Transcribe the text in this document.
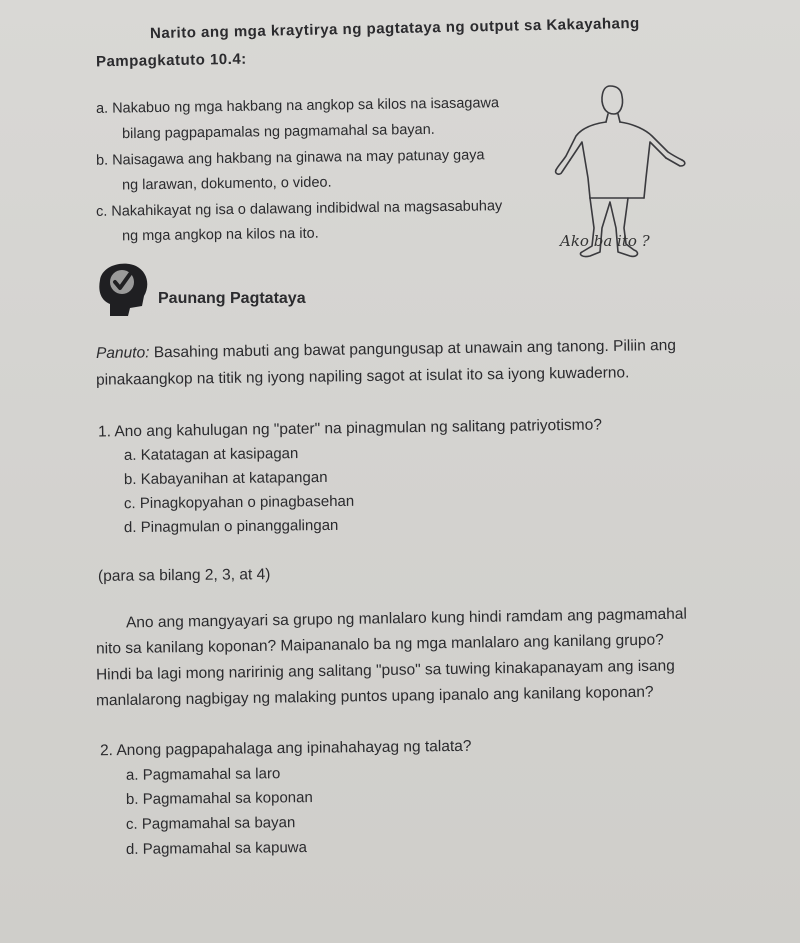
Narito ang mga kraytirya ng pagtataya ng output sa Kakayahang
Pampagkatuto 10.4:
a. Nakabuo ng mga hakbang na angkop sa kilos na isasagawa
bilang pagpapamalas ng pagmamahal sa bayan.
b. Naisagawa ang hakbang na ginawa na may patunay gaya
ng larawan, dokumento, o video.
c. Nakahikayat ng isa o dalawang indibidwal na magsasabuhay
ng mga angkop na kilos na ito.	Ako ba ito ?
Paunang Pagtataya
Panuto: Basahing mabuti ang bawat pangungusap at unawain ang tanong. Piliin ang
pinakaangkop na titik ng iyong napiling sagot at isulat ito sa iyong kuwaderno.
1. Ano ang kahulugan ng "pater" na pinagmulan ng salitang patriyotismo?
a. Katatagan at kasipagan
b. Kabayanihan at katapangan
c. Pinagkopyahan o pinagbasehan
d. Pinagmulan o pinanggalingan
(para sa bilang 2, 3, at 4)
Ano ang mangyayari sa grupo ng manlalaro kung hindi ramdam ang pagmamahal
nito sa kanilang koponan? Maipananalo ba ng mga manlalaro ang kanilang grupo?
Hindi ba lagi mong naririnig ang salitang "puso" sa tuwing kinakapanayam ang isang
manlalarong nagbigay ng malaking puntos upang ipanalo ang kanilang koponan?
2. Anong pagpapahalaga ang ipinahahayag ng talata?
a. Pagmamahal sa laro
b. Pagmamahal sa koponan
c. Pagmamahal sa bayan
d. Pagmamahal sa kapuwa
